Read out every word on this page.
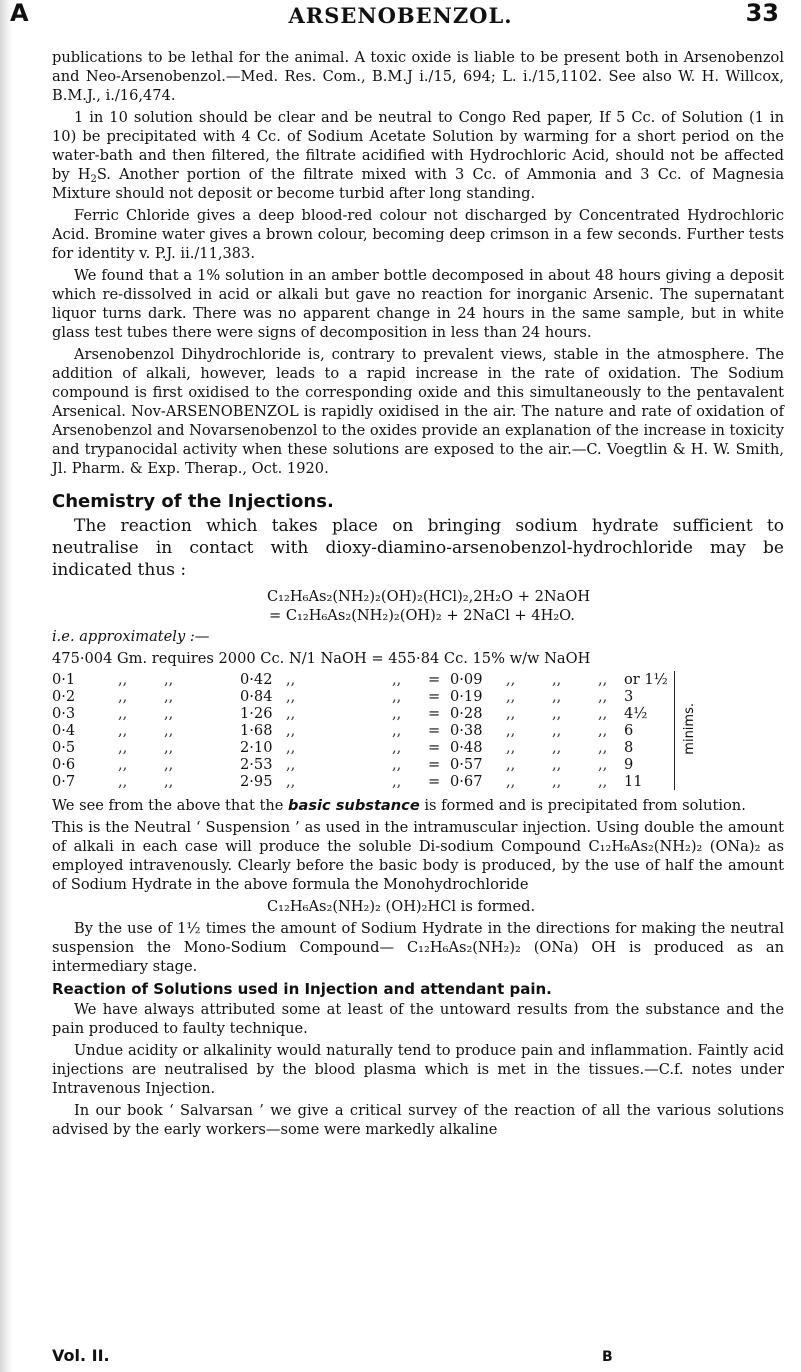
A	ARSENOBENZOL.	33

publications to be lethal for the animal. A toxic oxide is liable to be present both in Arsenobenzol and Neo-Arsenobenzol.—Med. Res. Com., B.M.J i./15, 694; L. i./15,1102. See also W. H. Willcox, B.M.J., i./16,474.

1 in 10 solution should be clear and be neutral to Congo Red paper, If 5 Cc. of Solution (1 in 10) be precipitated with 4 Cc. of Sodium Acetate Solution by warming for a short period on the water-bath and then filtered, the filtrate acidified with Hydrochloric Acid, should not be affected by $H_2S$. Another portion of the filtrate mixed with 3 Cc. of Ammonia and 3 Cc. of Magnesia Mixture should not deposit or become turbid after long standing.

Ferric Chloride gives a deep blood-red colour not discharged by Concentrated Hydrochloric Acid. Bromine water gives a brown colour, becoming deep crimson in a few seconds. Further tests for identity v. P.J. ii./11,383.

We found that a 1% solution in an amber bottle decomposed in about 48 hours giving a deposit which re-dissolved in acid or alkali but gave no reaction for inorganic Arsenic. The supernatant liquor turns dark. There was no apparent change in 24 hours in the same sample, but in white glass test tubes there were signs of decomposition in less than 24 hours.

Arsenobenzol Dihydrochloride is, contrary to prevalent views, stable in the atmosphere. The addition of alkali, however, leads to a rapid increase in the rate of oxidation. The Sodium compound is first oxidised to the corresponding oxide and this simultaneously to the pentavalent Arsenical. Nov-ARSENOBENZOL is rapidly oxidised in the air. The nature and rate of oxidation of Arsenobenzol and Novarsenobenzol to the oxides provide an explanation of the increase in toxicity and trypanocidal activity when these solutions are exposed to the air.—C. Voegtlin & H. W. Smith, Jl. Pharm. & Exp. Therap., Oct. 1920.

Chemistry of the Injections.

The reaction which takes place on bringing sodium hydrate sufficient to neutralise in contact with dioxy-diamino-arsenobenzol-hydrochloride may be indicated thus :

C₁₂H₆As₂(NH₂)₂(OH)₂(HCl)₂,2H₂O + 2NaOH
= C₁₂H₆As₂(NH₂)₂(OH)₂ + 2NaCl + 4H₂O.

i.e. approximately :—

475·004 Gm. requires 2000 Cc. N/1 NaOH = 455·84 Cc. 15% w/w NaOH
0·1	,,	,,	0·42	,,	,,	=	0·09	,,	,,	,,	or 1½	minims.
0·2	,,	,,	0·84	,,	,,	=	0·19	,,	,,	,,	3	
0·3	,,	,,	1·26	,,	,,	=	0·28	,,	,,	,,	4½	
0·4	,,	,,	1·68	,,	,,	=	0·38	,,	,,	,,	6	
0·5	,,	,,	2·10	,,	,,	=	0·48	,,	,,	,,	8	
0·6	,,	,,	2·53	,,	,,	=	0·57	,,	,,	,,	9	
0·7	,,	,,	2·95	,,	,,	=	0·67	,,	,,	,,	11	

We see from the above that the basic substance is formed and is precipitated from solution.

This is the Neutral ‘ Suspension ’ as used in the intramuscular injection. Using double the amount of alkali in each case will produce the soluble Di-sodium Compound C₁₂H₆As₂(NH₂)₂ (ONa)₂ as employed intravenously. Clearly before the basic body is produced, by the use of half the amount of Sodium Hydrate in the above formula the Monohydrochloride

C₁₂H₆As₂(NH₂)₂ (OH)₂HCl is formed.

By the use of 1½ times the amount of Sodium Hydrate in the directions for making the neutral suspension the Mono-Sodium Compound— C₁₂H₆As₂(NH₂)₂ (ONa) OH is produced as an intermediary stage.

Reaction of Solutions used in Injection and attendant pain.

We have always attributed some at least of the untoward results from the substance and the pain produced to faulty technique.

Undue acidity or alkalinity would naturally tend to produce pain and inflammation. Faintly acid injections are neutralised by the blood plasma which is met in the tissues.—C.f. notes under Intravenous Injection.

In our book ‘ Salvarsan ’ we give a critical survey of the reaction of all the various solutions advised by the early workers—some were markedly alkaline

Vol. II.	B
